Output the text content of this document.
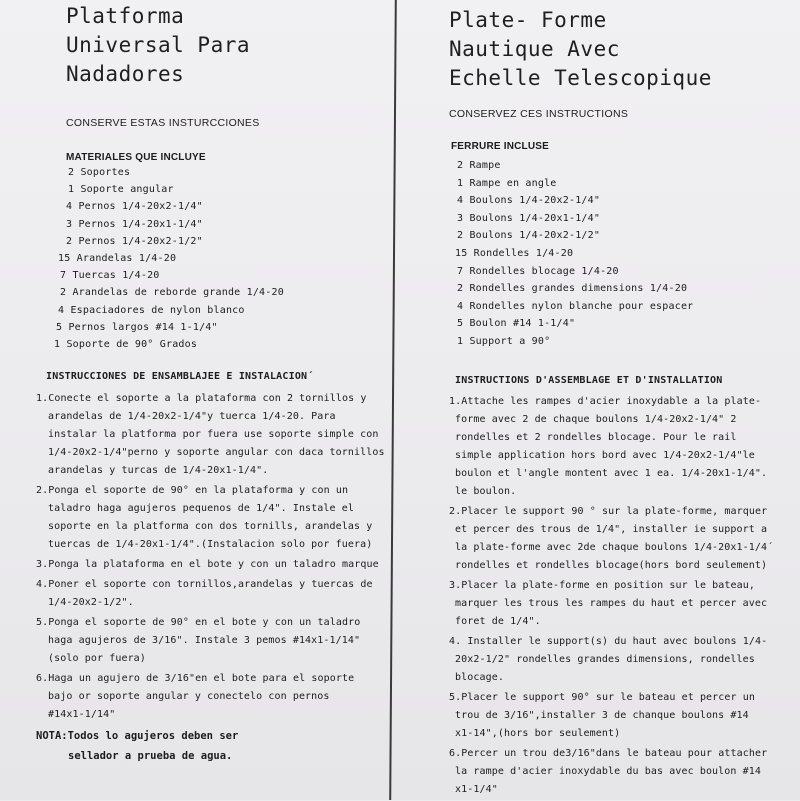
Platforma
Universal Para
Nadadores
CONSERVE ESTAS INSTURCCIONES
MATERIALES QUE INCLUYE
2 Soportes
1 Soporte angular
4 Pernos 1/4-20x2-1/4"
3 Pernos 1/4-20x1-1/4"
2 Pernos 1/4-20x2-1/2"
15 Arandelas 1/4-20
7 Tuercas 1/4-20
2 Arandelas de reborde grande 1/4-20
4 Espaciadores de nylon blanco
5 Pernos largos #14 1-1/4"
1 Soporte de 90° Grados
INSTRUCCIONES DE ENSAMBLAJEE E INSTALACION´
1.Conecte el soporte a la plataforma con 2 tornillos y
arandelas de 1/4-20x2-1/4"y tuerca 1/4-20. Para
instalar la platforma por fuera use soporte simple con
1/4-20x2-1/4"perno y soporte angular con daca tornillos
arandelas y turcas de 1/4-20x1-1/4".
2.Ponga el soporte de 90° en la plataforma y con un
taladro haga agujeros pequenos de 1/4". Instale el
soporte en la platforma con dos tornills, arandelas y
tuercas de 1/4-20x1-1/4".(Instalacion solo por fuera)
3.Ponga la plataforma en el bote y con un taladro marque
4.Poner el soporte con tornillos,arandelas y tuercas de
1/4-20x2-1/2".
5.Ponga el soporte de 90° en el bote y con un taladro
haga agujeros de 3/16". Instale 3 pemos #14x1-1/14"
(solo por fuera)
6.Haga un agujero de 3/16"en el bote para el soporte
bajo or soporte angular y conectelo con pernos
#14x1-1/14"
NOTA:Todos lo agujeros deben ser
sellador a prueba de agua.
Plate- Forme
Nautique Avec
Echelle Telescopique
CONSERVEZ CES INSTRUCTIONS
FERRURE INCLUSE
2 Rampe
1 Rampe en angle
4 Boulons 1/4-20x2-1/4"
3 Boulons 1/4-20x1-1/4"
2 Boulons 1/4-20x2-1/2"
15 Rondelles 1/4-20
7 Rondelles blocage 1/4-20
2 Rondelles grandes dimensions 1/4-20
4 Rondelles nylon blanche pour espacer
5 Boulon #14 1-1/4"
1 Support a 90°
INSTRUCTIONS D'ASSEMBLAGE ET D'INSTALLATION
1.Attache les rampes d'acier inoxydable a la plate-
forme avec 2 de chaque boulons 1/4-20x2-1/4" 2
rondelles et 2 rondelles blocage. Pour le rail
simple application hors bord avec 1/4-20x2-1/4"le
boulon et l'angle montent avec 1 ea. 1/4-20x1-1/4".
le boulon.
2.Placer le support 90 ° sur la plate-forme, marquer
et percer des trous de 1/4", installer ie support a
la plate-forme avec 2de chaque boulons 1/4-20x1-1/4´
rondelles et rondelles blocage(hors bord seulement)
3.Placer la plate-forme en position sur le bateau,
marquer les trous les rampes du haut et percer avec
foret de 1/4".
4. Installer le support(s) du haut avec boulons 1/4-
20x2-1/2" rondelles grandes dimensions, rondelles
blocage.
5.Placer le support 90° sur le bateau et percer un
trou de 3/16",installer 3 de chanque boulons #14
x1-14",(hors bor seulement)
6.Percer un trou de3/16"dans le bateau pour attacher
la rampe d'acier inoxydable du bas avec boulon #14
x1-1/4"
